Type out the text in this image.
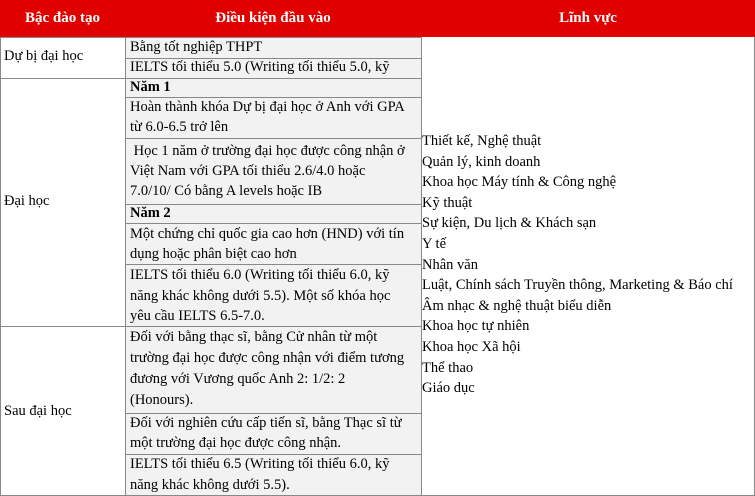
Bậc đào tạo	Điều kiện đầu vào	Lĩnh vực
Dự bị đại học
Đại học
Sau đại học
Bằng tốt nghiệp THPT
IELTS tối thiểu 5.0 (Writing tối thiểu 5.0, kỹ
Năm 1
Hoàn thành khóa Dự bị đại học ở Anh với GPA
từ 6.0-6.5 trở lên
Học 1 năm ở trường đại học được công nhận ở
Việt Nam với GPA tối thiểu 2.6/4.0 hoặc
7.0/10/ Có bằng A levels hoặc IB
Năm 2
Một chứng chỉ quốc gia cao hơn (HND) với tín
dụng hoặc phân biệt cao hơn
IELTS tối thiểu 6.0 (Writing tối thiểu 6.0, kỹ
năng khác không dưới 5.5). Một số khóa học
yêu cầu IELTS 6.5-7.0.
Đối với bằng thạc sĩ, bằng Cử nhân từ một
trường đại học được công nhận với điểm tương
đương với Vương quốc Anh 2: 1/2: 2
(Honours).
Đối với nghiên cứu cấp tiến sĩ, bằng Thạc sĩ từ
một trường đại học được công nhận.
IELTS tối thiểu 6.5 (Writing tối thiểu 6.0, kỹ
năng khác không dưới 5.5).
Thiết kế, Nghệ thuật
Quản lý, kinh doanh
Khoa học Máy tính & Công nghệ
Kỹ thuật
Sự kiện, Du lịch & Khách sạn
Y tế
Nhân văn
Luật, Chính sách Truyền thông, Marketing & Báo chí
Âm nhạc & nghệ thuật biểu diễn
Khoa học tự nhiên
Khoa học Xã hội
Thể thao
Giáo dục
